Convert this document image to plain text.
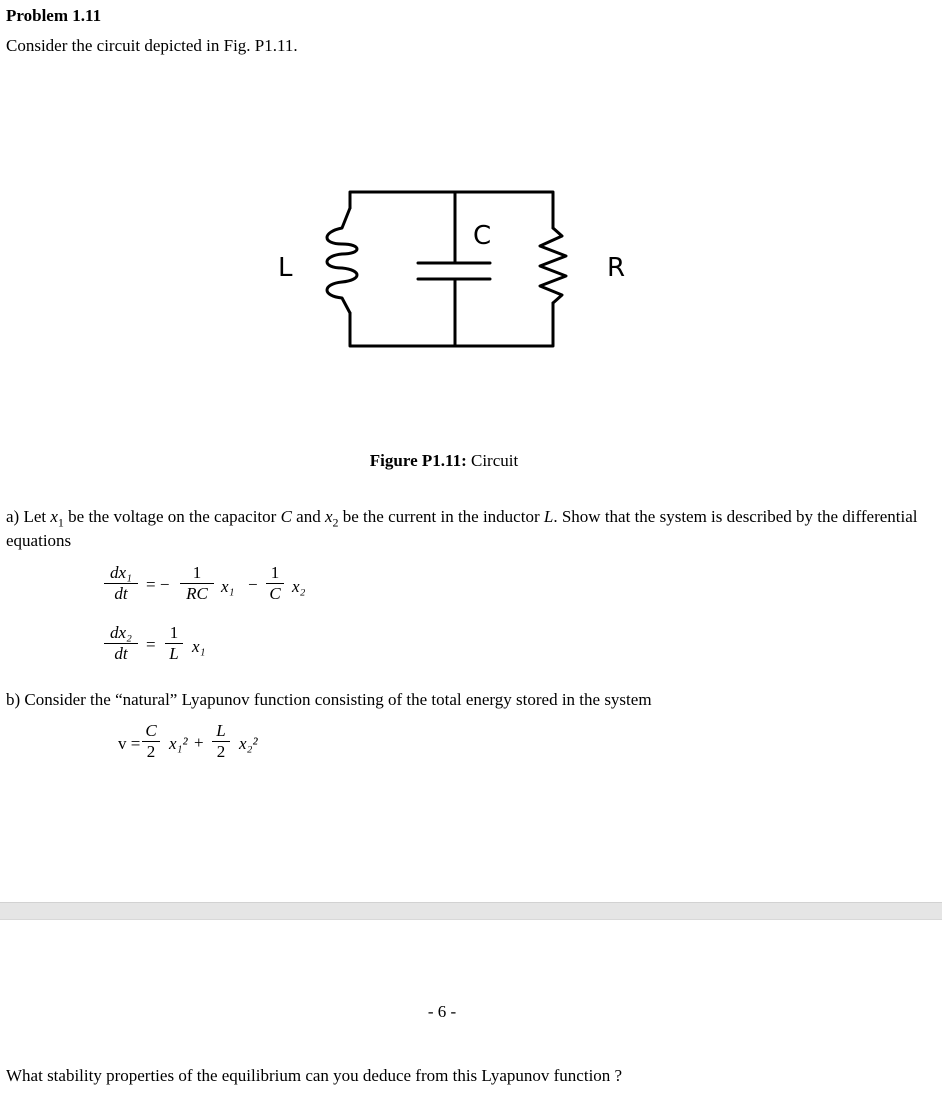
Problem 1.11
Consider the circuit depicted in Fig. P1.11.
L
C
R
Figure P1.11: Circuit
a) Let $x_1$ be the voltage on the capacitor C and $x_2$ be the current in the inductor L. Show that the system is described by the differential equations
dx₁
dt	= −
1
RC x₁ −
1
C x₂
dx₂
dt	=
1
L x₁
b) Consider the “natural” Lyapunov function consisting of the total energy stored in the system
v =
C
2 x₁² +
L
2 x₂²
- 6 -
What stability properties of the equilibrium can you deduce from this Lyapunov function ?
